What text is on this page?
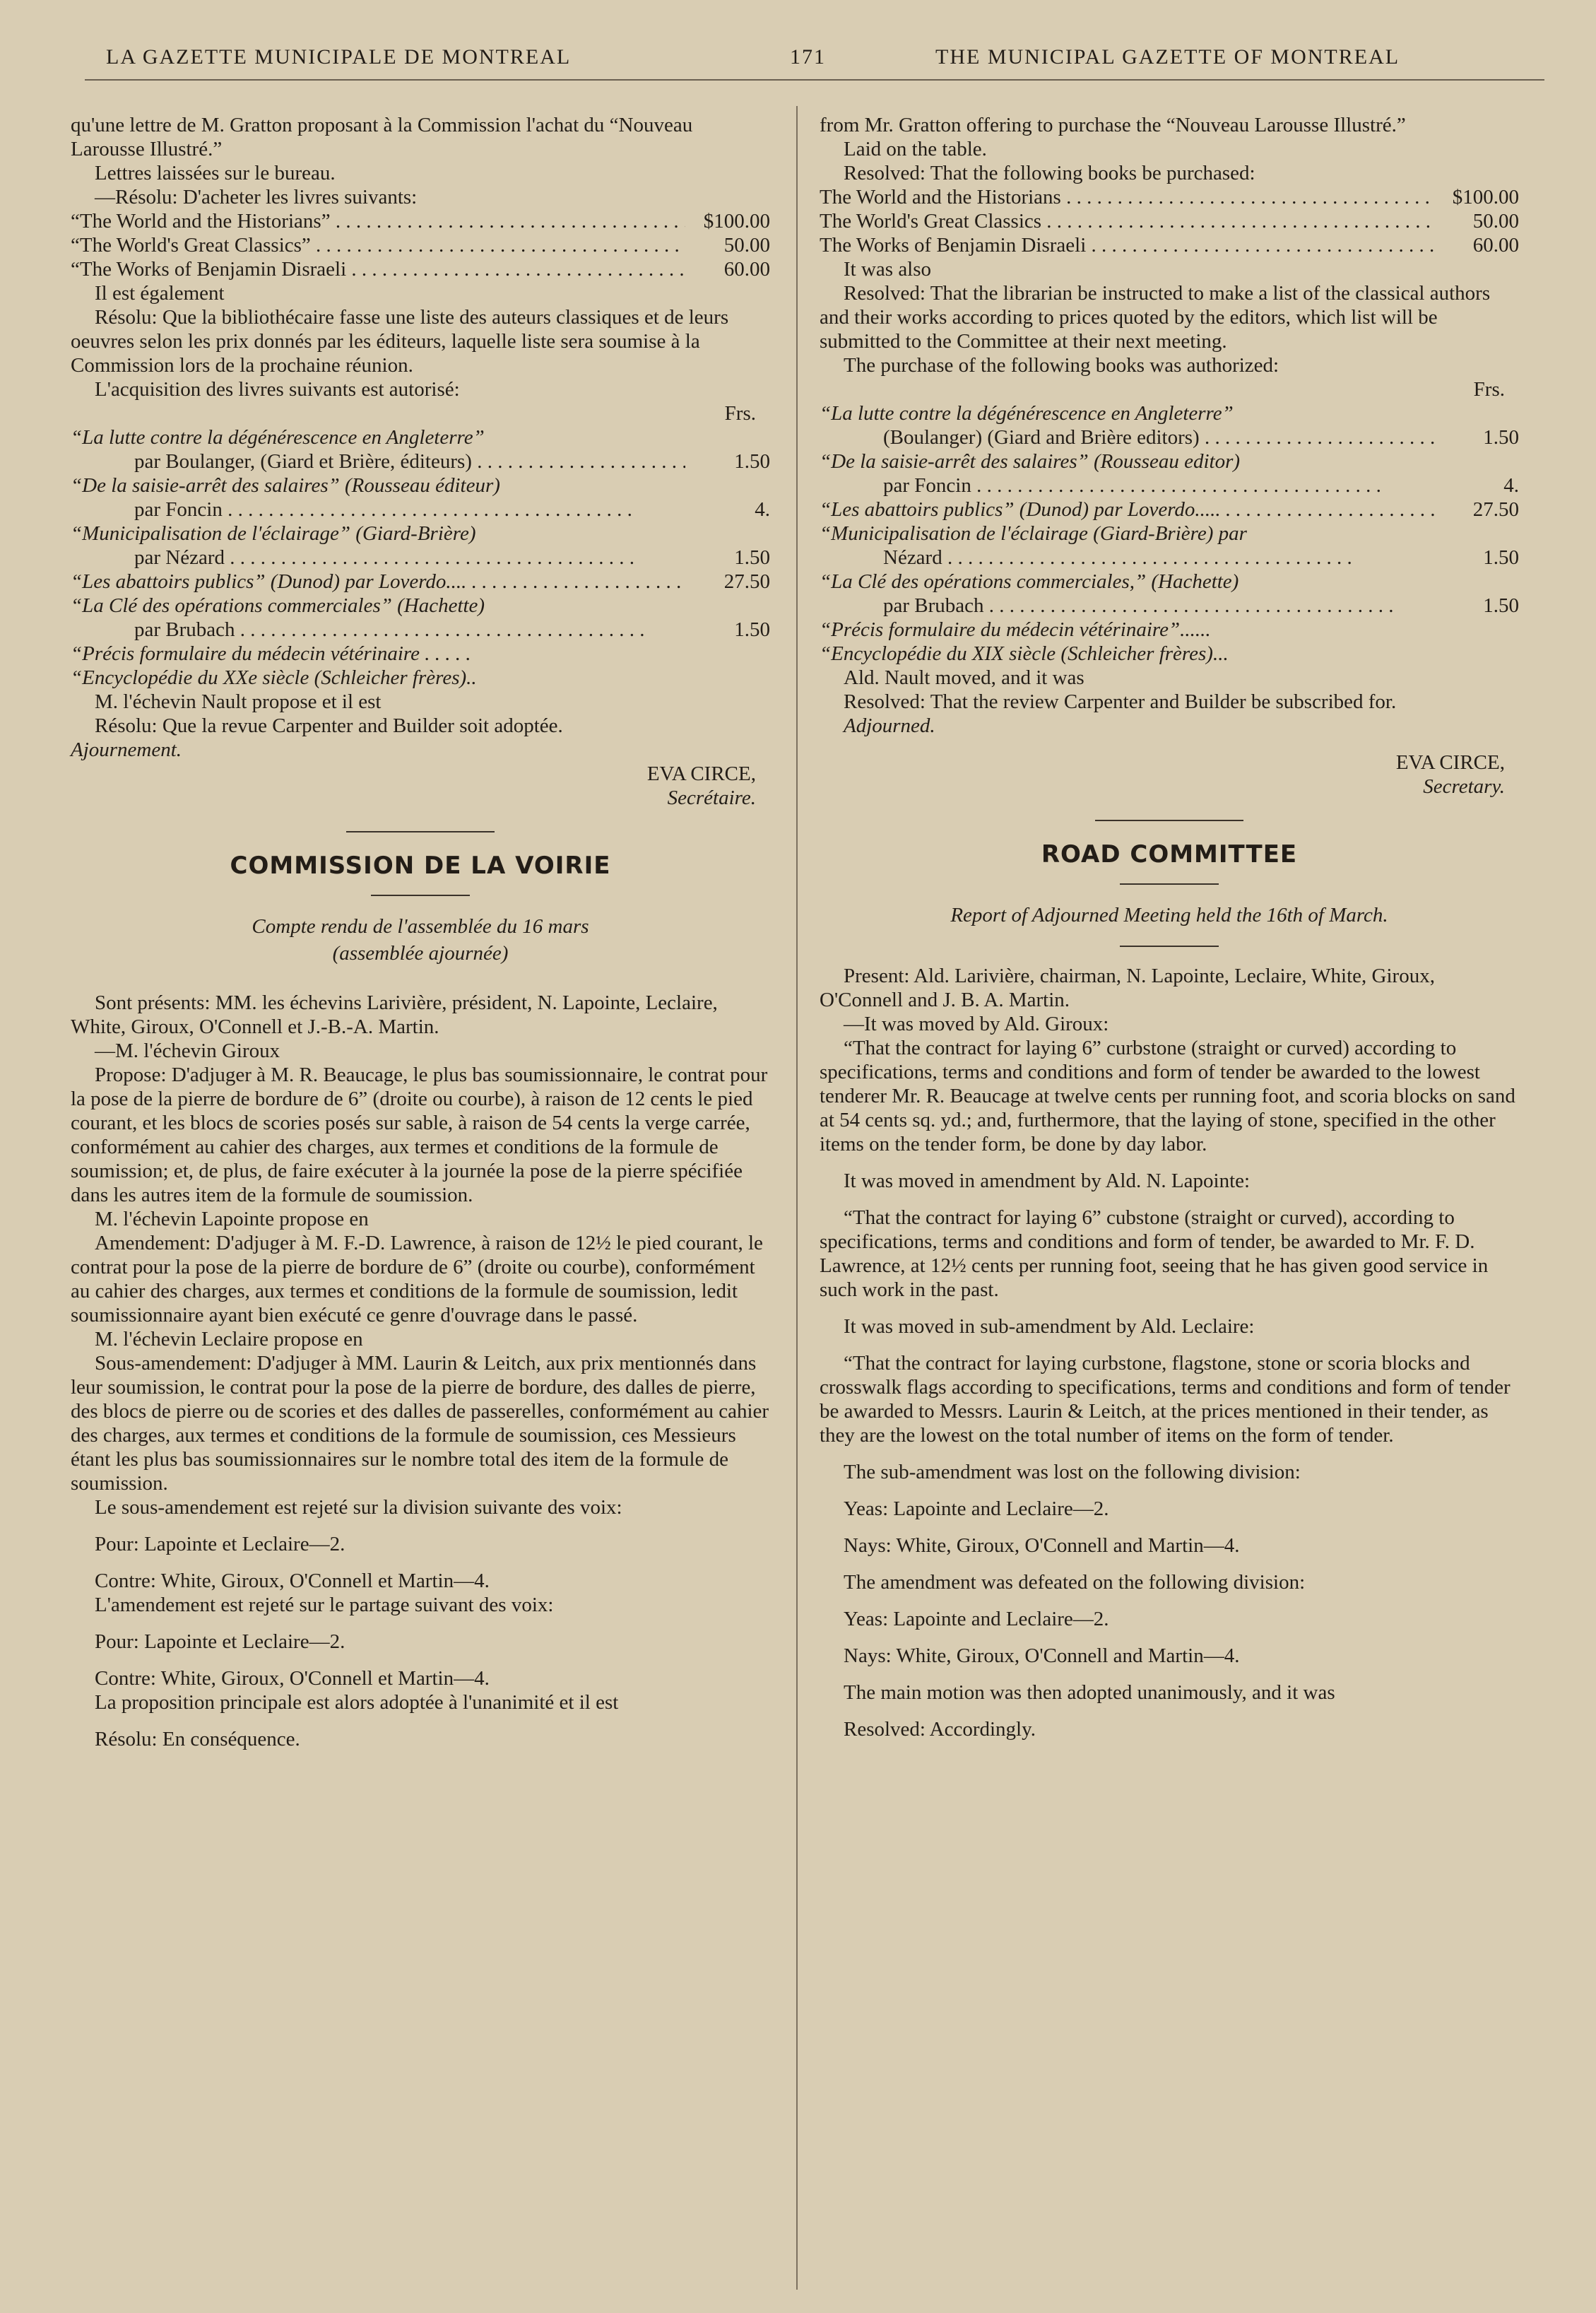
LA GAZETTE MUNICIPALE DE MONTREAL	171	THE MUNICIPAL GAZETTE OF MONTREAL

qu'une lettre de M. Gratton proposant à la Commission l'achat du “Nouveau Larousse Illustré.”

Lettres laissées sur le bureau.

—Résolu: D'acheter les livres suivants:

“The World and the Historians” . . .	$100.00
“The World's Great Classics” . . .	50.00
“The Works of Benjamin Disraeli . . .	60.00

Il est également

Résolu: Que la bibliothécaire fasse une liste des auteurs classiques et de leurs oeuvres selon les prix donnés par les éditeurs, laquelle liste sera soumise à la Commission lors de la prochaine réunion.

L'acquisition des livres suivants est autorisé:

Frs.

“La lutte contre la dégénérescence en Angleterre”

par Boulanger, (Giard et Brière, éditeurs) . . .	1.50

“De la saisie-arrêt des salaires” (Rousseau éditeur)

par Foncin . . .	4.

“Municipalisation de l'éclairage” (Giard-Brière)

par Nézard . . .	1.50
“Les abattoirs publics” (Dunod) par Loverdo.... . . .	27.50

“La Clé des opérations commerciales” (Hachette)

par Brubach . . .	1.50

“Précis formulaire du médecin vétérinaire . . . . .

“Encyclopédie du XXe siècle (Schleicher frères)..

M. l'échevin Nault propose et il est

Résolu: Que la revue Carpenter and Builder soit adoptée.

Ajournement.

EVA CIRCE,

Secrétaire.

COMMISSION DE LA VOIRIE

Compte rendu de l'assemblée du 16 mars

(assemblée ajournée)

Sont présents: MM. les échevins Larivière, président, N. Lapointe, Leclaire, White, Giroux, O'Connell et J.-B.-A. Martin.

—M. l'échevin Giroux

Propose: D'adjuger à M. R. Beaucage, le plus bas soumissionnaire, le contrat pour la pose de la pierre de bordure de 6” (droite ou courbe), à raison de 12 cents le pied courant, et les blocs de scories posés sur sable, à raison de 54 cents la verge carrée, conformément au cahier des charges, aux termes et conditions de la formule de soumission; et, de plus, de faire exécuter à la journée la pose de la pierre spécifiée dans les autres item de la formule de soumission.

M. l'échevin Lapointe propose en

Amendement: D'adjuger à M. F.-D. Lawrence, à raison de 12½ le pied courant, le contrat pour la pose de la pierre de bordure de 6” (droite ou courbe), conformément au cahier des charges, aux termes et conditions de la formule de soumission, ledit soumissionnaire ayant bien exécuté ce genre d'ouvrage dans le passé.

M. l'échevin Leclaire propose en

Sous-amendement: D'adjuger à MM. Laurin & Leitch, aux prix mentionnés dans leur soumission, le contrat pour la pose de la pierre de bordure, des dalles de pierre, des blocs de pierre ou de scories et des dalles de passerelles, conformément au cahier des charges, aux termes et conditions de la formule de soumission, ces Messieurs étant les plus bas soumissionnaires sur le nombre total des item de la formule de soumission.

Le sous-amendement est rejeté sur la division suivante des voix:

Pour: Lapointe et Leclaire—2.

Contre: White, Giroux, O'Connell et Martin—4.

L'amendement est rejeté sur le partage suivant des voix:

Pour: Lapointe et Leclaire—2.

Contre: White, Giroux, O'Connell et Martin—4.

La proposition principale est alors adoptée à l'unanimité et il est

Résolu: En conséquence.

from Mr. Gratton offering to purchase the “Nouveau Larousse Illustré.”

Laid on the table.

Resolved: That the following books be purchased:

The World and the Historians . . .	$100.00
The World's Great Classics . . .	50.00
The Works of Benjamin Disraeli . . .	60.00

It was also

Resolved: That the librarian be instructed to make a list of the classical authors and their works according to prices quoted by the editors, which list will be submitted to the Committee at their next meeting.

The purchase of the following books was authorized:

Frs.

“La lutte contre la dégénérescence en Angleterre”

(Boulanger) (Giard and Brière editors) . . . . . .	1.50

“De la saisie-arrêt des salaires” (Rousseau editor)

par Foncin . . .	4.
“Les abattoirs publics” (Dunod) par Loverdo..... . . .	27.50

“Municipalisation de l'éclairage (Giard-Brière) par

Nézard . . .	1.50

“La Clé des opérations commerciales,” (Hachette)

par Brubach . . .	1.50

“Précis formulaire du médecin vétérinaire”......

“Encyclopédie du XIX siècle (Schleicher frères)...

Ald. Nault moved, and it was

Resolved: That the review Carpenter and Builder be subscribed for.

Adjourned.

EVA CIRCE,

Secretary.

ROAD COMMITTEE

Report of Adjourned Meeting held the 16th of March.

Present: Ald. Larivière, chairman, N. Lapointe, Leclaire, White, Giroux, O'Connell and J. B. A. Martin.

—It was moved by Ald. Giroux:

“That the contract for laying 6” curbstone (straight or curved) according to specifications, terms and conditions and form of tender be awarded to the lowest tenderer Mr. R. Beaucage at twelve cents per running foot, and scoria blocks on sand at 54 cents sq. yd.; and, furthermore, that the laying of stone, specified in the other items on the tender form, be done by day labor.

It was moved in amendment by Ald. N. Lapointe:

“That the contract for laying 6” cubstone (straight or curved), according to specifications, terms and conditions and form of tender, be awarded to Mr. F. D. Lawrence, at 12½ cents per running foot, seeing that he has given good service in such work in the past.

It was moved in sub-amendment by Ald. Leclaire:

“That the contract for laying curbstone, flagstone, stone or scoria blocks and crosswalk flags according to specifications, terms and conditions and form of tender be awarded to Messrs. Laurin & Leitch, at the prices mentioned in their tender, as they are the lowest on the total number of items on the form of tender.

The sub-amendment was lost on the following division:

Yeas: Lapointe and Leclaire—2.

Nays: White, Giroux, O'Connell and Martin—4.

The amendment was defeated on the following division:

Yeas: Lapointe and Leclaire—2.

Nays: White, Giroux, O'Connell and Martin—4.

The main motion was then adopted unanimously, and it was

Resolved: Accordingly.
